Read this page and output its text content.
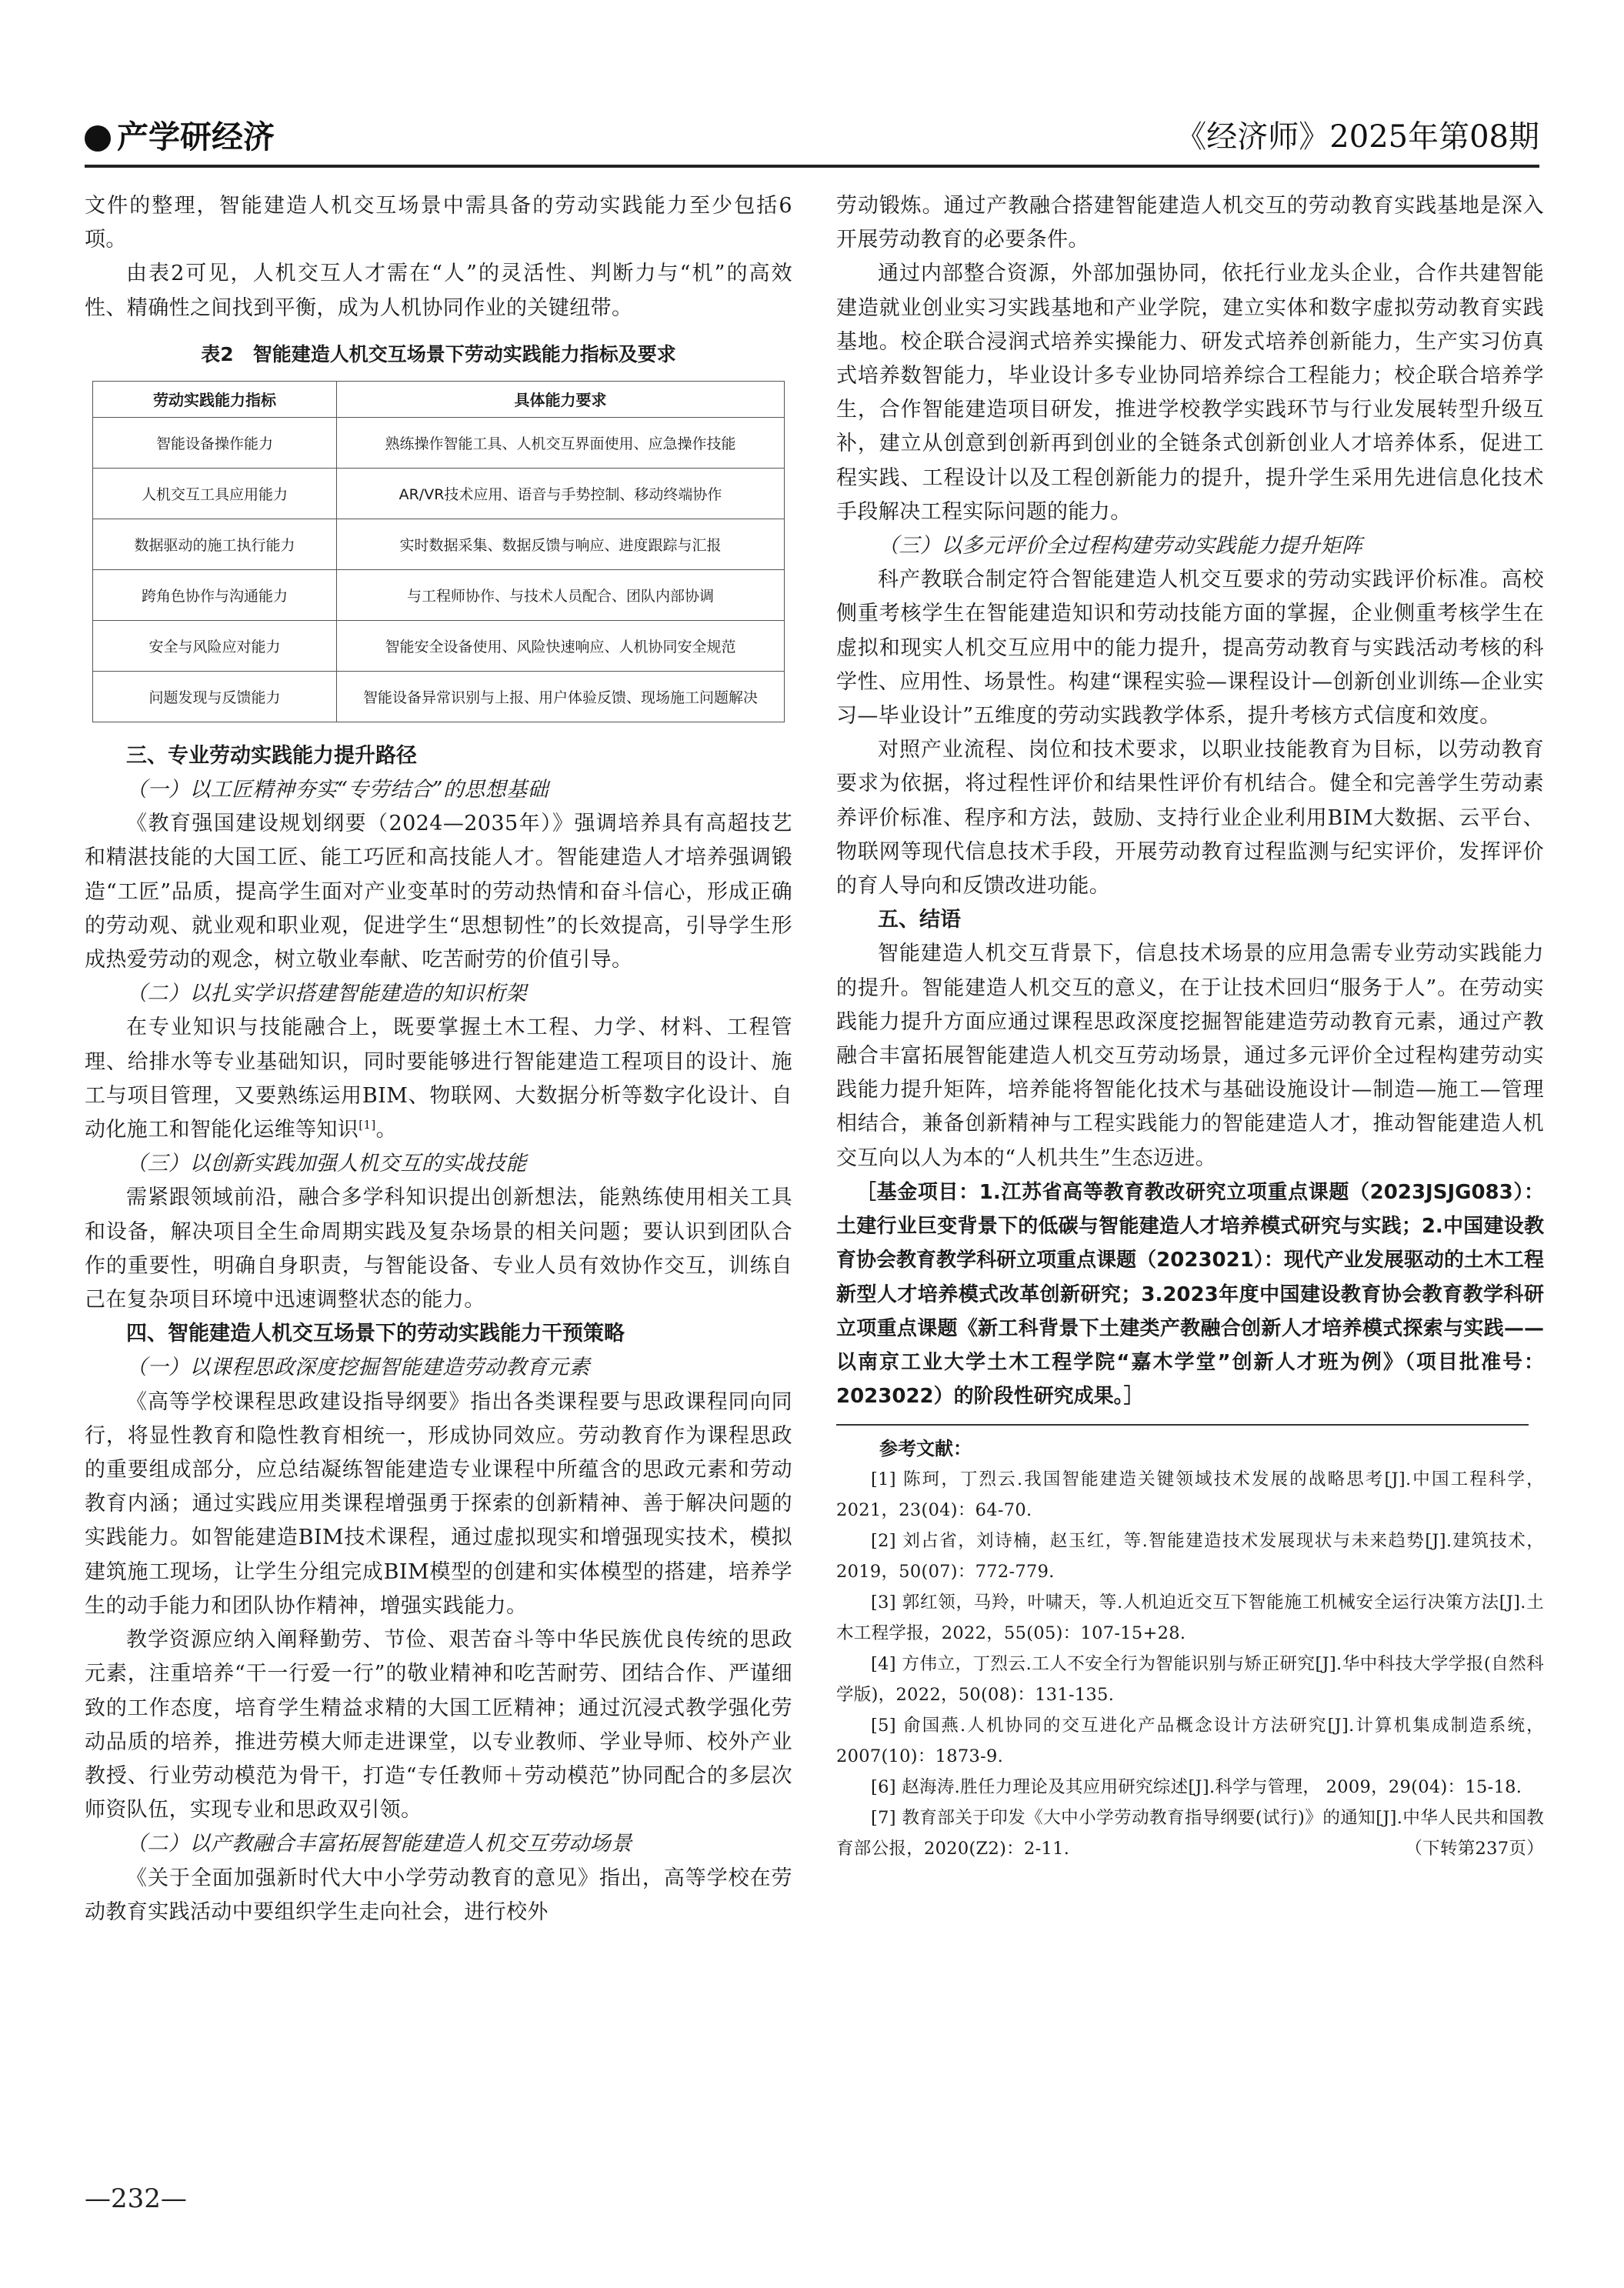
产学研经济	《经济师》2025年第08期

文件的整理，智能建造人机交互场景中需具备的劳动实践能力至少包括6项。

由表2可见，人机交互人才需在“人”的灵活性、判断力与“机”的高效性、精确性之间找到平衡，成为人机协同作业的关键纽带。

表2　智能建造人机交互场景下劳动实践能力指标及要求
劳动实践能力指标	具体能力要求
智能设备操作能力	熟练操作智能工具、人机交互界面使用、应急操作技能
人机交互工具应用能力	AR/VR技术应用、语音与手势控制、移动终端协作
数据驱动的施工执行能力	实时数据采集、数据反馈与响应、进度跟踪与汇报
跨角色协作与沟通能力	与工程师协作、与技术人员配合、团队内部协调
安全与风险应对能力	智能安全设备使用、风险快速响应、人机协同安全规范
问题发现与反馈能力	智能设备异常识别与上报、用户体验反馈、现场施工问题解决

三、专业劳动实践能力提升路径

（一）以工匠精神夯实“专劳结合”的思想基础

《教育强国建设规划纲要（2024—2035年）》强调培养具有高超技艺和精湛技能的大国工匠、能工巧匠和高技能人才。智能建造人才培养强调锻造“工匠”品质，提高学生面对产业变革时的劳动热情和奋斗信心，形成正确的劳动观、就业观和职业观，促进学生“思想韧性”的长效提高，引导学生形成热爱劳动的观念，树立敬业奉献、吃苦耐劳的价值引导。

（二）以扎实学识搭建智能建造的知识桁架

在专业知识与技能融合上，既要掌握土木工程、力学、材料、工程管理、给排水等专业基础知识，同时要能够进行智能建造工程项目的设计、施工与项目管理，又要熟练运用BIM、物联网、大数据分析等数字化设计、自动化施工和智能化运维等知识[1]。

（三）以创新实践加强人机交互的实战技能

需紧跟领域前沿，融合多学科知识提出创新想法，能熟练使用相关工具和设备，解决项目全生命周期实践及复杂场景的相关问题；要认识到团队合作的重要性，明确自身职责，与智能设备、专业人员有效协作交互，训练自己在复杂项目环境中迅速调整状态的能力。

四、智能建造人机交互场景下的劳动实践能力干预策略

（一）以课程思政深度挖掘智能建造劳动教育元素

《高等学校课程思政建设指导纲要》指出各类课程要与思政课程同向同行，将显性教育和隐性教育相统一，形成协同效应。劳动教育作为课程思政的重要组成部分，应总结凝练智能建造专业课程中所蕴含的思政元素和劳动教育内涵；通过实践应用类课程增强勇于探索的创新精神、善于解决问题的实践能力。如智能建造BIM技术课程，通过虚拟现实和增强现实技术，模拟建筑施工现场，让学生分组完成BIM模型的创建和实体模型的搭建，培养学生的动手能力和团队协作精神，增强实践能力。

教学资源应纳入阐释勤劳、节俭、艰苦奋斗等中华民族优良传统的思政元素，注重培养“干一行爱一行”的敬业精神和吃苦耐劳、团结合作、严谨细致的工作态度，培育学生精益求精的大国工匠精神；通过沉浸式教学强化劳动品质的培养，推进劳模大师走进课堂，以专业教师、学业导师、校外产业教授、行业劳动模范为骨干，打造“专任教师＋劳动模范”协同配合的多层次师资队伍，实现专业和思政双引领。

（二）以产教融合丰富拓展智能建造人机交互劳动场景

《关于全面加强新时代大中小学劳动教育的意见》指出，高等学校在劳动教育实践活动中要组织学生走向社会，进行校外

劳动锻炼。通过产教融合搭建智能建造人机交互的劳动教育实践基地是深入开展劳动教育的必要条件。

通过内部整合资源，外部加强协同，依托行业龙头企业，合作共建智能建造就业创业实习实践基地和产业学院，建立实体和数字虚拟劳动教育实践基地。校企联合浸润式培养实操能力、研发式培养创新能力，生产实习仿真式培养数智能力，毕业设计多专业协同培养综合工程能力；校企联合培养学生，合作智能建造项目研发，推进学校教学实践环节与行业发展转型升级互补，建立从创意到创新再到创业的全链条式创新创业人才培养体系，促进工程实践、工程设计以及工程创新能力的提升，提升学生采用先进信息化技术手段解决工程实际问题的能力。

（三）以多元评价全过程构建劳动实践能力提升矩阵

科产教联合制定符合智能建造人机交互要求的劳动实践评价标准。高校侧重考核学生在智能建造知识和劳动技能方面的掌握，企业侧重考核学生在虚拟和现实人机交互应用中的能力提升，提高劳动教育与实践活动考核的科学性、应用性、场景性。构建“课程实验—课程设计—创新创业训练—企业实习—毕业设计”五维度的劳动实践教学体系，提升考核方式信度和效度。

对照产业流程、岗位和技术要求，以职业技能教育为目标，以劳动教育要求为依据，将过程性评价和结果性评价有机结合。健全和完善学生劳动素养评价标准、程序和方法，鼓励、支持行业企业利用BIM大数据、云平台、物联网等现代信息技术手段，开展劳动教育过程监测与纪实评价，发挥评价的育人导向和反馈改进功能。

五、结语

智能建造人机交互背景下，信息技术场景的应用急需专业劳动实践能力的提升。智能建造人机交互的意义，在于让技术回归“服务于人”。在劳动实践能力提升方面应通过课程思政深度挖掘智能建造劳动教育元素，通过产教融合丰富拓展智能建造人机交互劳动场景，通过多元评价全过程构建劳动实践能力提升矩阵，培养能将智能化技术与基础设施设计—制造—施工—管理相结合，兼备创新精神与工程实践能力的智能建造人才，推动智能建造人机交互向以人为本的“人机共生”生态迈进。

［基金项目：1.江苏省高等教育教改研究立项重点课题（2023JSJG083）：土建行业巨变背景下的低碳与智能建造人才培养模式研究与实践；2.中国建设教育协会教育教学科研立项重点课题（2023021）：现代产业发展驱动的土木工程新型人才培养模式改革创新研究；3.2023年度中国建设教育协会教育教学科研立项重点课题《新工科背景下土建类产教融合创新人才培养模式探索与实践——以南京工业大学土木工程学院“嘉木学堂”创新人才班为例》（项目批准号：2023022）的阶段性研究成果。］

参考文献：

[1] 陈珂，丁烈云.我国智能建造关键领域技术发展的战略思考[J].中国工程科学，2021，23(04)：64-70.

[2] 刘占省，刘诗楠，赵玉红，等.智能建造技术发展现状与未来趋势[J].建筑技术，2019，50(07)：772-779.

[3] 郭红领，马羚，叶啸天，等.人机迫近交互下智能施工机械安全运行决策方法[J].土木工程学报，2022，55(05)：107-15+28.

[4] 方伟立，丁烈云.工人不安全行为智能识别与矫正研究[J].华中科技大学学报(自然科学版)，2022，50(08)：131-135.

[5] 俞国燕.人机协同的交互进化产品概念设计方法研究[J].计算机集成制造系统，2007(10)：1873-9.

[6] 赵海涛.胜任力理论及其应用研究综述[J].科学与管理， 2009，29(04)：15-18.

[7] 教育部关于印发《大中小学劳动教育指导纲要(试行)》的通知[J].中华人民共和国教育部公报，2020(Z2)：2-11.	（下转第237页）

—232—
